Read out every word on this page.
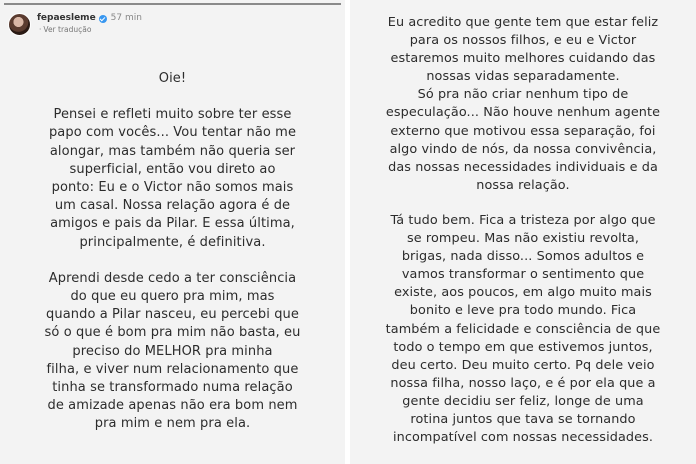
fepaesleme 57 min
· Ver tradução

Oie!

Pensei e refleti muito sobre ter esse
papo com vocês... Vou tentar não me
alongar, mas também não queria ser
superficial, então vou direto ao
ponto: Eu e o Victor não somos mais
um casal. Nossa relação agora é de
amigos e pais da Pilar. E essa última,
principalmente, é definitiva.

Aprendi desde cedo a ter consciência
do que eu quero pra mim, mas
quando a Pilar nasceu, eu percebi que
só o que é bom pra mim não basta, eu
preciso do MELHOR pra minha
filha, e viver num relacionamento que
tinha se transformado numa relação
de amizade apenas não era bom nem
pra mim e nem pra ela.

Eu acredito que gente tem que estar feliz
para os nossos filhos, e eu e Victor
estaremos muito melhores cuidando das
nossas vidas separadamente.

Só pra não criar nenhum tipo de
especulação... Não houve nenhum agente
externo que motivou essa separação, foi
algo vindo de nós, da nossa convivência,
das nossas necessidades individuais e da
nossa relação.

Tá tudo bem. Fica a tristeza por algo que
se rompeu. Mas não existiu revolta,
brigas, nada disso... Somos adultos e
vamos transformar o sentimento que
existe, aos poucos, em algo muito mais
bonito e leve pra todo mundo. Fica
também a felicidade e consciência de que
todo o tempo em que estivemos juntos,
deu certo. Deu muito certo. Pq dele veio
nossa filha, nosso laço, e é por ela que a
gente decidiu ser feliz, longe de uma
rotina juntos que tava se tornando
incompatível com nossas necessidades.
